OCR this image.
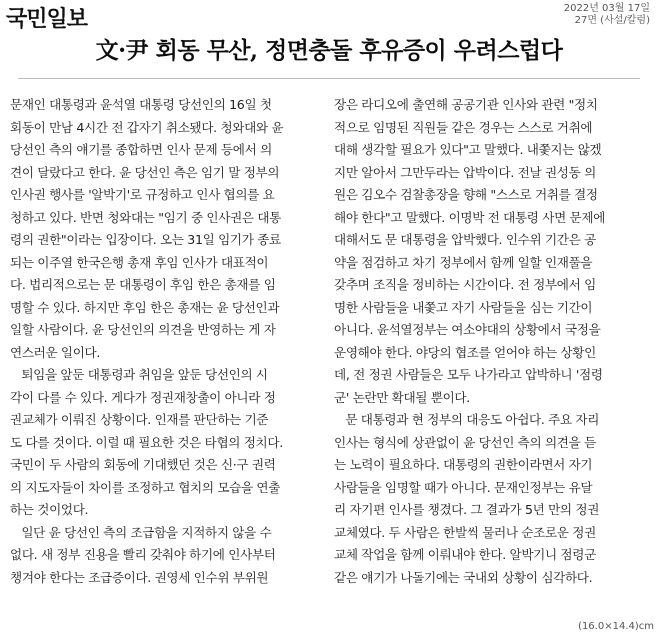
국민일보	2022년 03월 17일
27면 (사설/칼럼)
文·尹 회동 무산, 정면충돌 후유증이 우려스럽다

문재인 대통령과 윤석열 대통령 당선인의 16일 첫
회동이 만남 4시간 전 갑자기 취소됐다. 청와대와 윤
당선인 측의 얘기를 종합하면 인사 문제 등에서 의
견이 달랐다고 한다. 윤 당선인 측은 임기 말 정부의
인사권 행사를 '알박기'로 규정하고 인사 협의를 요
청하고 있다. 반면 청와대는 "임기 중 인사권은 대통
령의 권한"이라는 입장이다. 오는 31일 임기가 종료
되는 이주열 한국은행 총재 후임 인사가 대표적이
다. 법리적으로는 문 대통령이 후임 한은 총재를 임
명할 수 있다. 하지만 후임 한은 총재는 윤 당선인과
일할 사람이다. 윤 당선인의 의견을 반영하는 게 자
연스러운 일이다.

퇴임을 앞둔 대통령과 취임을 앞둔 당선인의 시
각이 다를 수 있다. 게다가 정권재창출이 아니라 정
권교체가 이뤄진 상황이다. 인재를 판단하는 기준
도 다를 것이다. 이럴 때 필요한 것은 타협의 정치다.
국민이 두 사람의 회동에 기대했던 것은 신·구 권력
의 지도자들이 차이를 조정하고 협치의 모습을 연출
하는 것이었다.

일단 윤 당선인 측의 조급함을 지적하지 않을 수
없다. 새 정부 진용을 빨리 갖춰야 하기에 인사부터
챙겨야 한다는 조급증이다. 권영세 인수위 부위원

장은 라디오에 출연해 공공기관 인사와 관련 "정치
적으로 임명된 직원들 같은 경우는 스스로 거취에
대해 생각할 필요가 있다"고 말했다. 내쫓지는 않겠
지만 알아서 그만두라는 압박이다. 전날 권성동 의
원은 김오수 검찰총장을 향해 "스스로 거취를 결정
해야 한다"고 말했다. 이명박 전 대통령 사면 문제에
대해서도 문 대통령을 압박했다. 인수위 기간은 공
약을 점검하고 차기 정부에서 함께 일할 인재풀을
갖추며 조직을 정비하는 시간이다. 전 정부에서 임
명한 사람들을 내쫓고 자기 사람들을 심는 기간이
아니다. 윤석열정부는 여소야대의 상황에서 국정을
운영해야 한다. 야당의 협조를 얻어야 하는 상황인
데, 전 정권 사람들은 모두 나가라고 압박하니 '점령
군' 논란만 확대될 뿐이다.

문 대통령과 현 정부의 대응도 아쉽다. 주요 자리
인사는 형식에 상관없이 윤 당선인 측의 의견을 듣
는 노력이 필요하다. 대통령의 권한이라면서 자기
사람들을 임명할 때가 아니다. 문재인정부는 유달
리 자기편 인사를 챙겼다. 그 결과가 5년 만의 정권
교체였다. 두 사람은 한발씩 물러나 순조로운 정권
교체 작업을 함께 이뤄내야 한다. 알박기니 점령군
같은 얘기가 나돌기에는 국내외 상황이 심각하다.

(16.0×14.4)cm
